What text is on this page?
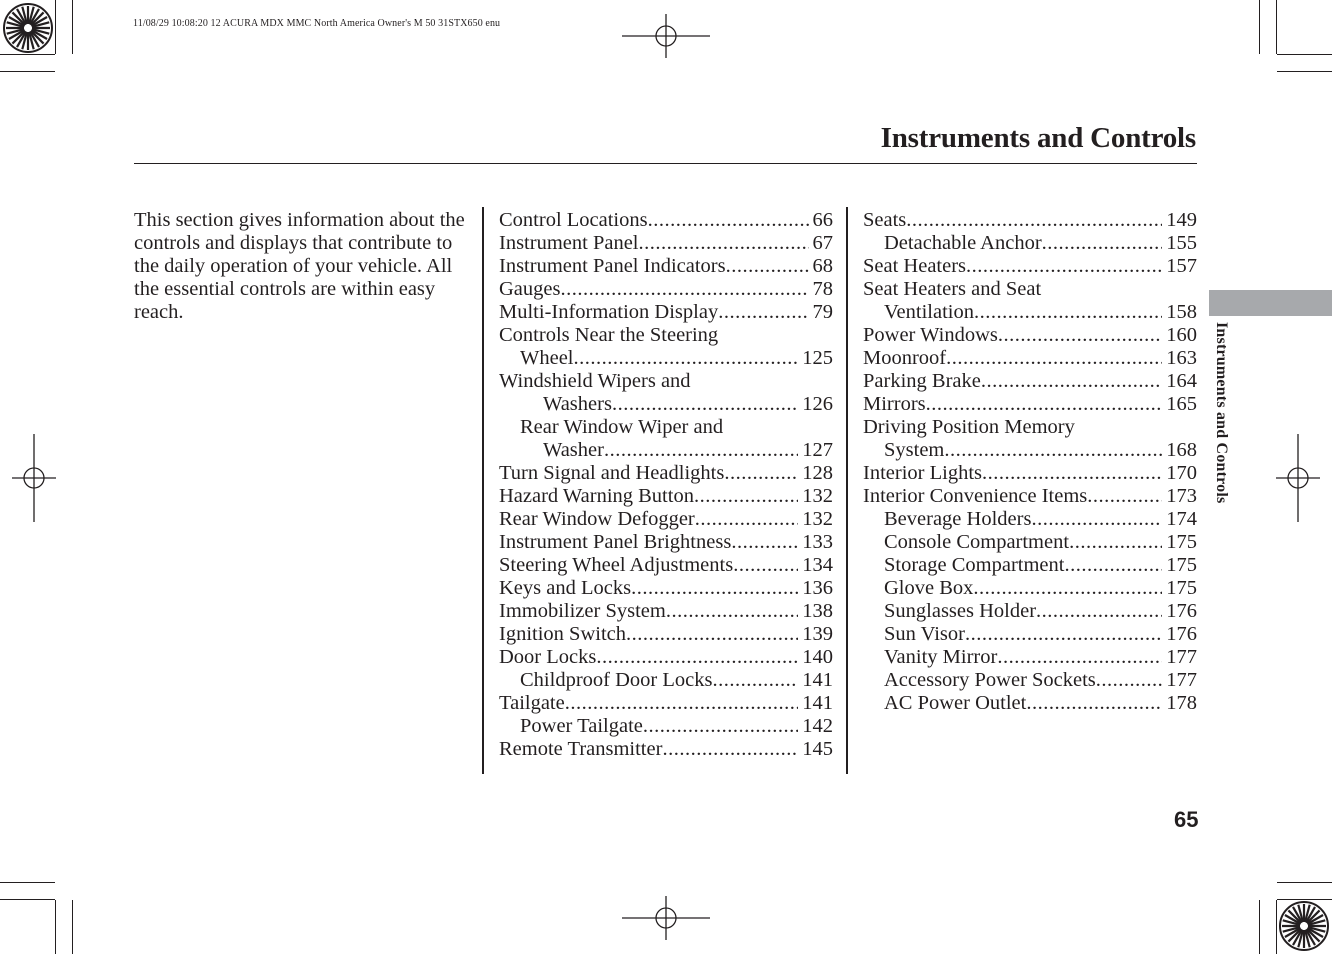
11/08/29 10:08:20 12 ACURA MDX MMC North America Owner's M 50 31STX650 enu
Instruments and Controls
This section gives information about the controls and displays that contribute to the daily operation of your vehicle. All the essential controls are within easy reach.
Control Locations .....	66
Instrument Panel .....	67
Instrument Panel Indicators .....	68
Gauges .....	78
Multi-Information Display .....	79
Controls Near the Steering
Wheel .....	125
Windshield Wipers and
Washers .....	126
Rear Window Wiper and
Washer .....	127
Turn Signal and Headlights .....	128
Hazard Warning Button .....	132
Rear Window Defogger .....	132
Instrument Panel Brightness .....	133
Steering Wheel Adjustments .....	134
Keys and Locks .....	136
Immobilizer System .....	138
Ignition Switch .....	139
Door Locks .....	140
Childproof Door Locks .....	141
Tailgate .....	141
Power Tailgate .....	142
Remote Transmitter .....	145
Seats .....	149
Detachable Anchor .....	155
Seat Heaters .....	157
Seat Heaters and Seat
Ventilation .....	158
Power Windows .....	160
Moonroof .....	163
Parking Brake .....	164
Mirrors .....	165
Driving Position Memory
System .....	168
Interior Lights .....	170
Interior Convenience Items .....	173
Beverage Holders .....	174
Console Compartment .....	175
Storage Compartment .....	175
Glove Box .....	175
Sunglasses Holder .....	176
Sun Visor .....	176
Vanity Mirror .....	177
Accessory Power Sockets .....	177
AC Power Outlet .....	178
Instruments and Controls
65
